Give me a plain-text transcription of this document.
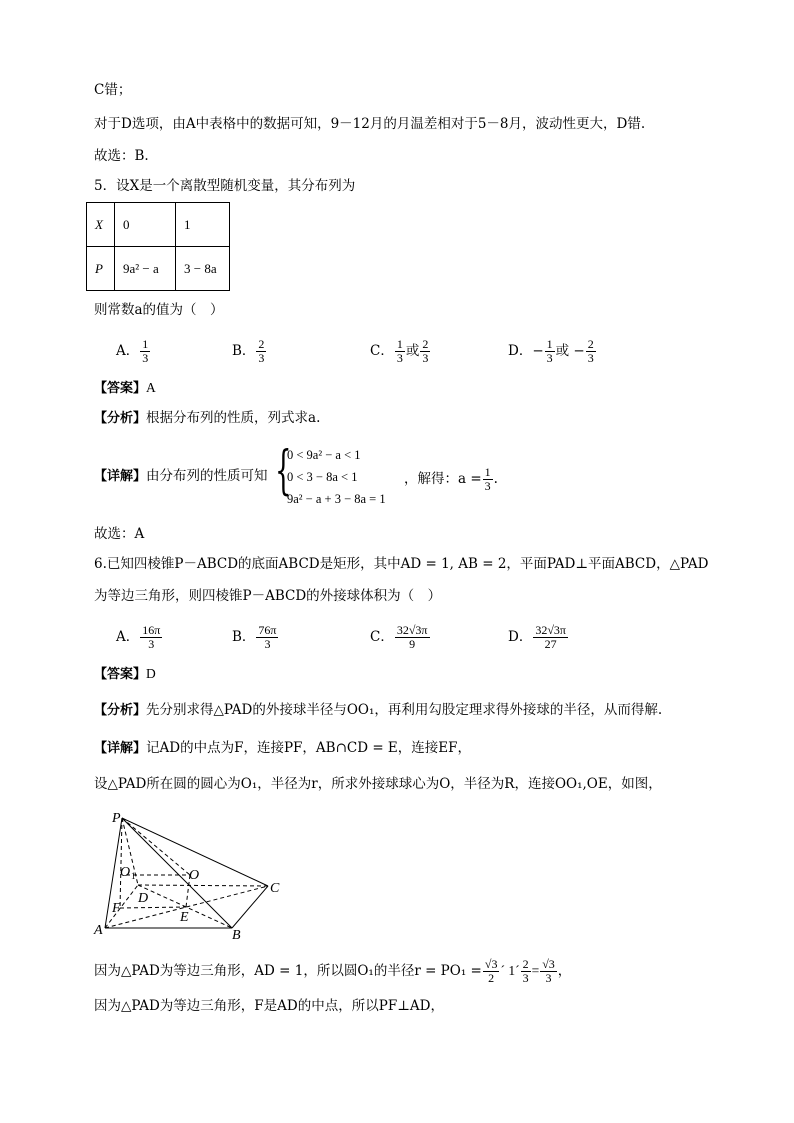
C错；
对于D选项，由A中表格中的数据可知，9－12月的月温差相对于5－8月，波动性更大，D错.
故选：B.
5．设X是一个离散型随机变量，其分布列为
X	0	1
P	9a² − a	3 − 8a
则常数a的值为（　）
A． $\frac{1}{3}$	B． $\frac{2}{3}$	C． $\frac{1}{3}$ 或 $\frac{2}{3}$	D．− $\frac{1}{3}$ 或 − $\frac{2}{3}$
【答案】A
【分析】根据分布列的性质，列式求a.
【详解】由分布列的性质可知 {
0 < 9a² − a < 1
0 < 3 − 8a < 1
9a² − a + 3 − 8a = 1
，解得：$a = \frac{1}{3}$ .
故选：A
6.已知四棱锥P－ABCD的底面ABCD是矩形，其中AD = 1, AB = 2，平面PAD⊥平面ABCD，△PAD
为等边三角形，则四棱锥P－ABCD的外接球体积为（　）
A． $\frac{16\pi}{3}$	B． $\frac{76\pi}{3}$	C． $\frac{32√3\pi}{9}$	D． $\frac{32√3\pi}{27}$
【答案】D
【分析】先分别求得△PAD的外接球半径与OO₁，再利用勾股定理求得外接球的半径，从而得解.
【详解】记AD的中点为F，连接PF，AB∩CD = E，连接EF，
设△PAD所在圆的圆心为O₁，半径为r，所求外接球球心为O，半径为R，连接OO₁,OE，如图，
P
O 1	O
D
C
F
E
A	B
因为△PAD为等边三角形，AD = 1，所以圆O₁的半径$r = PO_1 = \frac{√3}{2}$ ´ 1´ $\frac{2}{3} = \frac{√3}{3}$ ，
因为△PAD为等边三角形，F是AD的中点，所以PF⊥AD，
